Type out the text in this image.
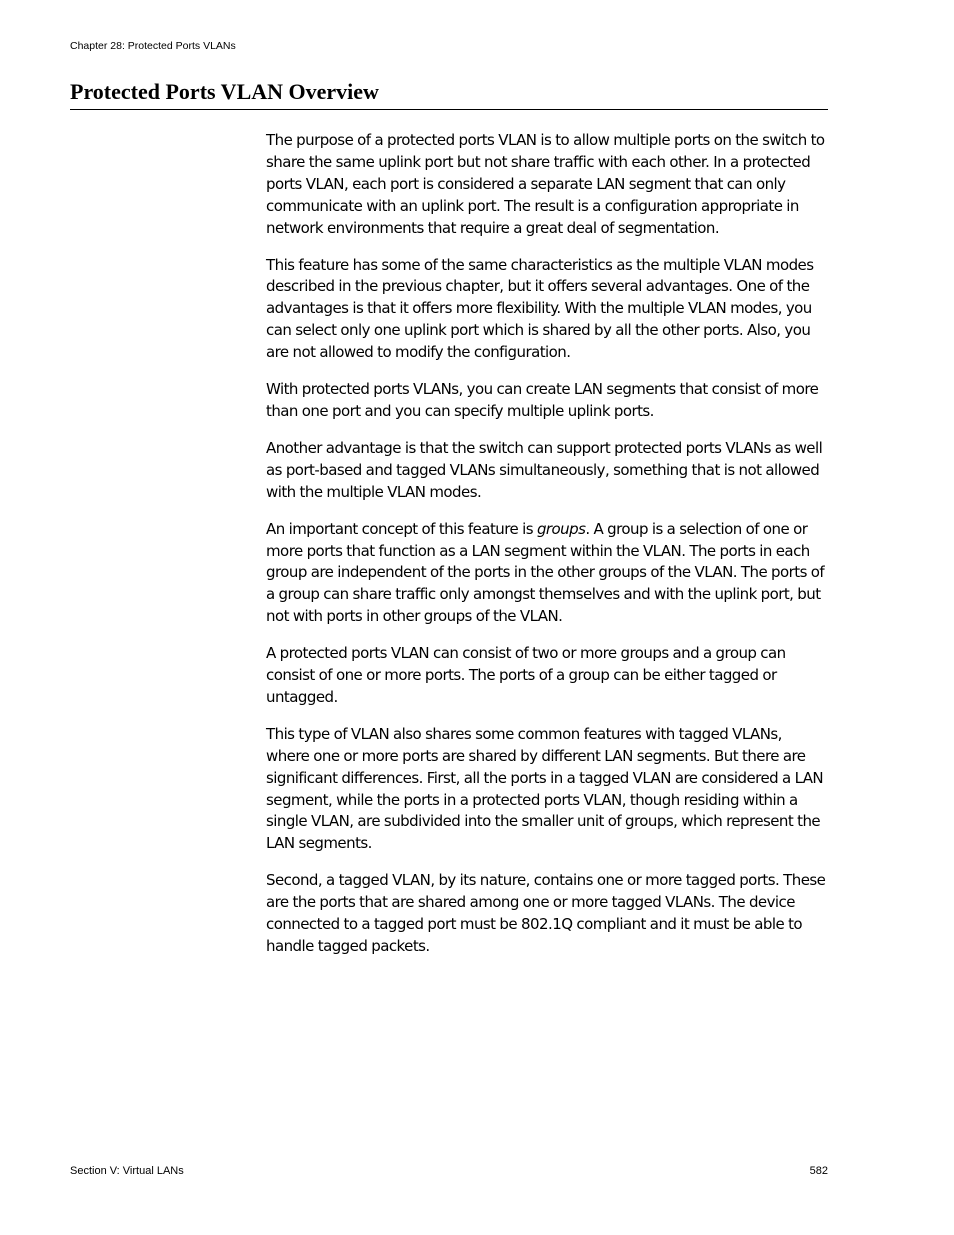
Chapter 28: Protected Ports VLANs
Protected Ports VLAN Overview

The purpose of a protected ports VLAN is to allow multiple ports on the switch to share the same uplink port but not share traffic with each other. In a protected ports VLAN, each port is considered a separate LAN segment that can only communicate with an uplink port. The result is a configuration appropriate in network environments that require a great deal of segmentation.

This feature has some of the same characteristics as the multiple VLAN modes described in the previous chapter, but it offers several advantages. One of the advantages is that it offers more flexibility. With the multiple VLAN modes, you can select only one uplink port which is shared by all the other ports. Also, you are not allowed to modify the configuration.

With protected ports VLANs, you can create LAN segments that consist of more than one port and you can specify multiple uplink ports.

Another advantage is that the switch can support protected ports VLANs as well as port-based and tagged VLANs simultaneously, something that is not allowed with the multiple VLAN modes.

An important concept of this feature is groups. A group is a selection of one or more ports that function as a LAN segment within the VLAN. The ports in each group are independent of the ports in the other groups of the VLAN. The ports of a group can share traffic only amongst themselves and with the uplink port, but not with ports in other groups of the VLAN.

A protected ports VLAN can consist of two or more groups and a group can consist of one or more ports. The ports of a group can be either tagged or untagged.

This type of VLAN also shares some common features with tagged VLANs, where one or more ports are shared by different LAN segments. But there are significant differences. First, all the ports in a tagged VLAN are considered a LAN segment, while the ports in a protected ports VLAN, though residing within a single VLAN, are subdivided into the smaller unit of groups, which represent the LAN segments.

Second, a tagged VLAN, by its nature, contains one or more tagged ports. These are the ports that are shared among one or more tagged VLANs. The device connected to a tagged port must be 802.1Q compliant and it must be able to handle tagged packets.

Section V: Virtual LANs	582
